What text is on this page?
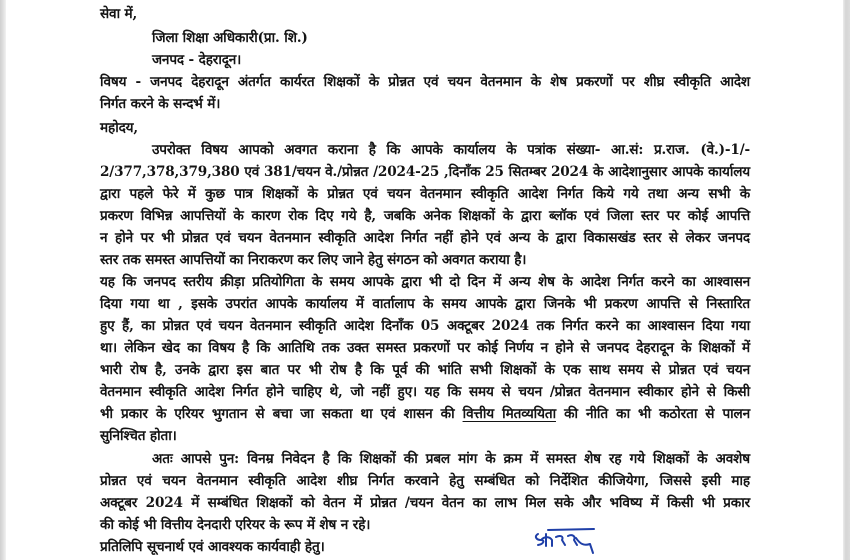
सेवा में,
जिला शिक्षा अधिकारी(प्रा. शि.)
जनपद - देहरादून।
विषय - जनपद देहरादून अंतर्गत कार्यरत शिक्षकों के प्रोन्नत एवं चयन वेतनमान के शेष प्रकरणों पर शीघ्र स्वीकृति आदेश
निर्गत करने के सन्दर्भ में।
महोदय,
उपरोक्त विषय आपको अवगत कराना है कि आपके कार्यालय के पत्रांक संख्या- आ.सं: प्र.राज. (वे.)-1/-
2/377,378,379,380 एवं 381/चयन वे./प्रोन्नत /2024-25 ,दिनाँक 25 सितम्बर 2024 के आदेशानुसार आपके कार्यालय
द्वारा पहले फेरे में कुछ पात्र शिक्षकों के प्रोन्नत एवं चयन वेतनमान स्वीकृति आदेश निर्गत किये गये तथा अन्य सभी के
प्रकरण विभिन्न आपत्तियों के कारण रोक दिए गये है, जबकि अनेक शिक्षकों के द्वारा ब्लॉक एवं जिला स्तर पर कोई आपत्ति
न होने पर भी प्रोन्नत एवं चयन वेतनमान स्वीकृति आदेश निर्गत नहीं होने एवं अन्य के द्वारा विकासखंड स्तर से लेकर जनपद
स्तर तक समस्त आपत्तियों का निराकरण कर लिए जाने हेतु संगठन को अवगत कराया है।
यह कि जनपद स्तरीय क्रीड़ा प्रतियोगिता के समय आपके द्वारा भी दो दिन में अन्य शेष के आदेश निर्गत करने का आश्वासन
दिया गया था , इसके उपरांत आपके कार्यालय में वार्तालाप के समय आपके द्वारा जिनके भी प्रकरण आपत्ति से निस्तारित
हुए हैं, का प्रोन्नत एवं चयन वेतनमान स्वीकृति आदेश दिनाँक 05 अक्टूबर 2024 तक निर्गत करने का आश्वासन दिया गया
था। लेकिन खेद का विषय है कि आतिथि तक उक्त समस्त प्रकरणों पर कोई निर्णय न होने से जनपद देहरादून के शिक्षकों में
भारी रोष है, उनके द्वारा इस बात पर भी रोष है कि पूर्व की भांति सभी शिक्षकों के एक साथ समय से प्रोन्नत एवं चयन
वेतनमान स्वीकृति आदेश निर्गत होने चाहिए थे, जो नहीं हुए। यह कि समय से चयन /प्रोन्नत वेतनमान स्वीकार होने से किसी
भी प्रकार के एरियर भुगतान से बचा जा सकता था एवं शासन की वित्तीय मितव्ययिता की नीति का भी कठोरता से पालन
सुनिश्चित होता।
अतः आपसे पुन: विनम्र निवेदन है कि शिक्षकों की प्रबल मांग के क्रम में समस्त शेष रह गये शिक्षकों के अवशेष
प्रोन्नत एवं चयन वेतनमान स्वीकृति आदेश शीघ्र निर्गत करवाने हेतु सम्बंधित को निर्देशित कीजियेगा, जिससे इसी माह
अक्टूबर 2024 में सम्बंधित शिक्षकों को वेतन में प्रोन्नत /चयन वेतन का लाभ मिल सके और भविष्य में किसी भी प्रकार
की कोई भी वित्तीय देनदारी एरियर के रूप में शेष न रहे।
प्रतिलिपि सूचनार्थ एवं आवश्यक कार्यवाही हेतु।
